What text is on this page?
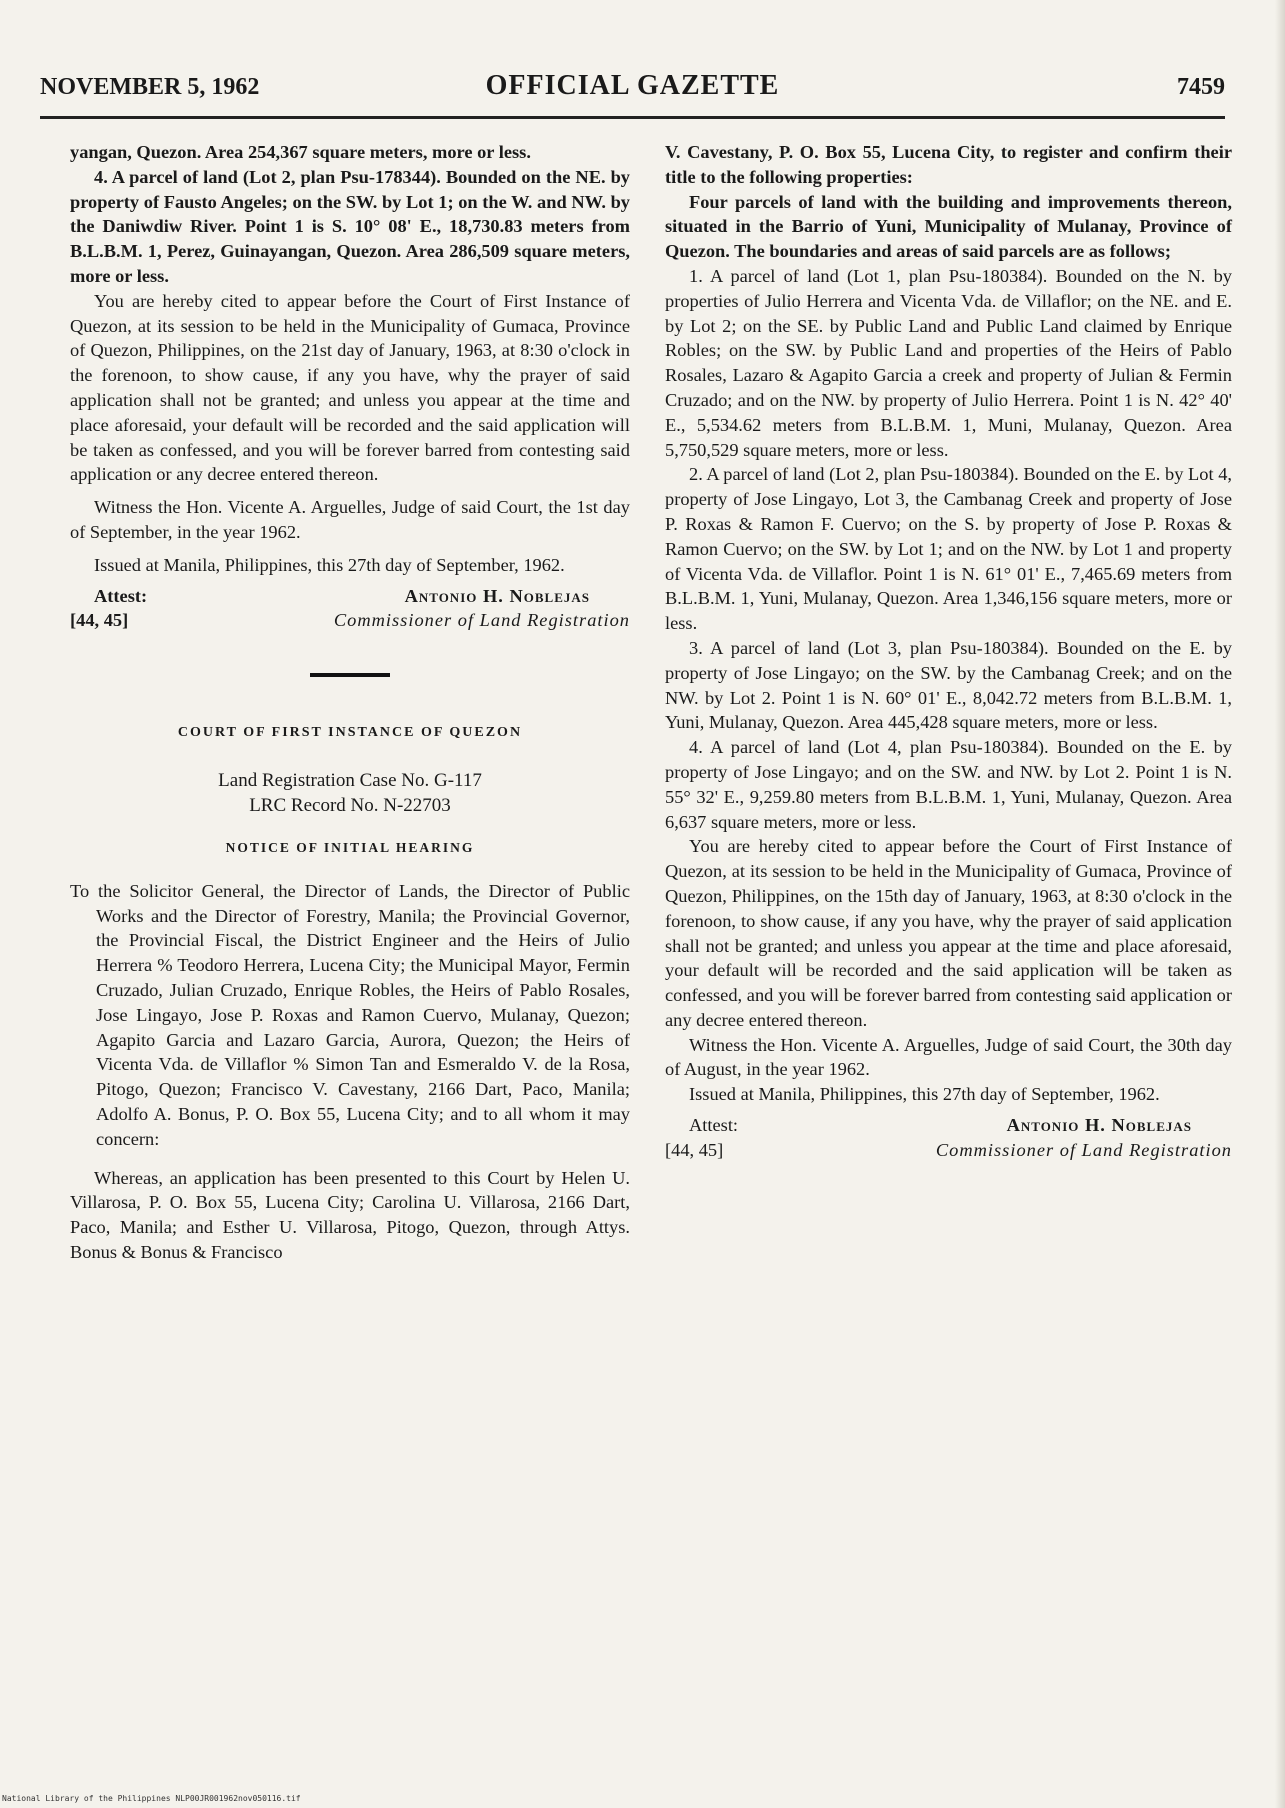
NOVEMBER 5, 1962	OFFICIAL GAZETTE	7459

yangan, Quezon. Area 254,367 square meters, more or less.

4. A parcel of land (Lot 2, plan Psu-178344). Bounded on the NE. by property of Fausto Angeles; on the SW. by Lot 1; on the W. and NW. by the Daniwdiw River. Point 1 is S. 10° 08' E., 18,730.83 meters from B.L.B.M. 1, Perez, Guinayangan, Quezon. Area 286,509 square meters, more or less.

You are hereby cited to appear before the Court of First Instance of Quezon, at its session to be held in the Municipality of Gumaca, Province of Quezon, Philippines, on the 21st day of January, 1963, at 8:30 o'clock in the forenoon, to show cause, if any you have, why the prayer of said application shall not be granted; and unless you appear at the time and place aforesaid, your default will be recorded and the said application will be taken as confessed, and you will be forever barred from contesting said application or any decree entered thereon.

Witness the Hon. Vicente A. Arguelles, Judge of said Court, the 1st day of September, in the year 1962.

Issued at Manila, Philippines, this 27th day of September, 1962.

Attest:	Antonio H. Noblejas
[44, 45]	Commissioner of Land Registration
COURT OF FIRST INSTANCE OF QUEZON
Land Registration Case No. G-117
LRC Record No. N-22703
NOTICE OF INITIAL HEARING

To the Solicitor General, the Director of Lands, the Director of Public Works and the Director of Forestry, Manila; the Provincial Governor, the Provincial Fiscal, the District Engineer and the Heirs of Julio Herrera % Teodoro Herrera, Lucena City; the Municipal Mayor, Fermin Cruzado, Julian Cruzado, Enrique Robles, the Heirs of Pablo Rosales, Jose Lingayo, Jose P. Roxas and Ramon Cuervo, Mulanay, Quezon; Agapito Garcia and Lazaro Garcia, Aurora, Quezon; the Heirs of Vicenta Vda. de Villaflor % Simon Tan and Esmeraldo V. de la Rosa, Pitogo, Quezon; Francisco V. Cavestany, 2166 Dart, Paco, Manila; Adolfo A. Bonus, P. O. Box 55, Lucena City; and to all whom it may concern:

Whereas, an application has been presented to this Court by Helen U. Villarosa, P. O. Box 55, Lucena City; Carolina U. Villarosa, 2166 Dart, Paco, Manila; and Esther U. Villarosa, Pitogo, Quezon, through Attys. Bonus & Bonus & Francisco

V. Cavestany, P. O. Box 55, Lucena City, to register and confirm their title to the following properties:

Four parcels of land with the building and improvements thereon, situated in the Barrio of Yuni, Municipality of Mulanay, Province of Quezon. The boundaries and areas of said parcels are as follows;

1. A parcel of land (Lot 1, plan Psu-180384). Bounded on the N. by properties of Julio Herrera and Vicenta Vda. de Villaflor; on the NE. and E. by Lot 2; on the SE. by Public Land and Public Land claimed by Enrique Robles; on the SW. by Public Land and properties of the Heirs of Pablo Rosales, Lazaro & Agapito Garcia a creek and property of Julian & Fermin Cruzado; and on the NW. by property of Julio Herrera. Point 1 is N. 42° 40' E., 5,534.62 meters from B.L.B.M. 1, Muni, Mulanay, Quezon. Area 5,750,529 square meters, more or less.

2. A parcel of land (Lot 2, plan Psu-180384). Bounded on the E. by Lot 4, property of Jose Lingayo, Lot 3, the Cambanag Creek and property of Jose P. Roxas & Ramon F. Cuervo; on the S. by property of Jose P. Roxas & Ramon Cuervo; on the SW. by Lot 1; and on the NW. by Lot 1 and property of Vicenta Vda. de Villaflor. Point 1 is N. 61° 01' E., 7,465.69 meters from B.L.B.M. 1, Yuni, Mulanay, Quezon. Area 1,346,156 square meters, more or less.

3. A parcel of land (Lot 3, plan Psu-180384). Bounded on the E. by property of Jose Lingayo; on the SW. by the Cambanag Creek; and on the NW. by Lot 2. Point 1 is N. 60° 01' E., 8,042.72 meters from B.L.B.M. 1, Yuni, Mulanay, Quezon. Area 445,428 square meters, more or less.

4. A parcel of land (Lot 4, plan Psu-180384). Bounded on the E. by property of Jose Lingayo; and on the SW. and NW. by Lot 2. Point 1 is N. 55° 32' E., 9,259.80 meters from B.L.B.M. 1, Yuni, Mulanay, Quezon. Area 6,637 square meters, more or less.

You are hereby cited to appear before the Court of First Instance of Quezon, at its session to be held in the Municipality of Gumaca, Province of Quezon, Philippines, on the 15th day of January, 1963, at 8:30 o'clock in the forenoon, to show cause, if any you have, why the prayer of said application shall not be granted; and unless you appear at the time and place aforesaid, your default will be recorded and the said application will be taken as confessed, and you will be forever barred from contesting said application or any decree entered thereon.

Witness the Hon. Vicente A. Arguelles, Judge of said Court, the 30th day of August, in the year 1962.

Issued at Manila, Philippines, this 27th day of September, 1962.

Attest:	Antonio H. Noblejas
[44, 45]	Commissioner of Land Registration
National Library of the Philippines NLP00JR001962nov050116.tif
